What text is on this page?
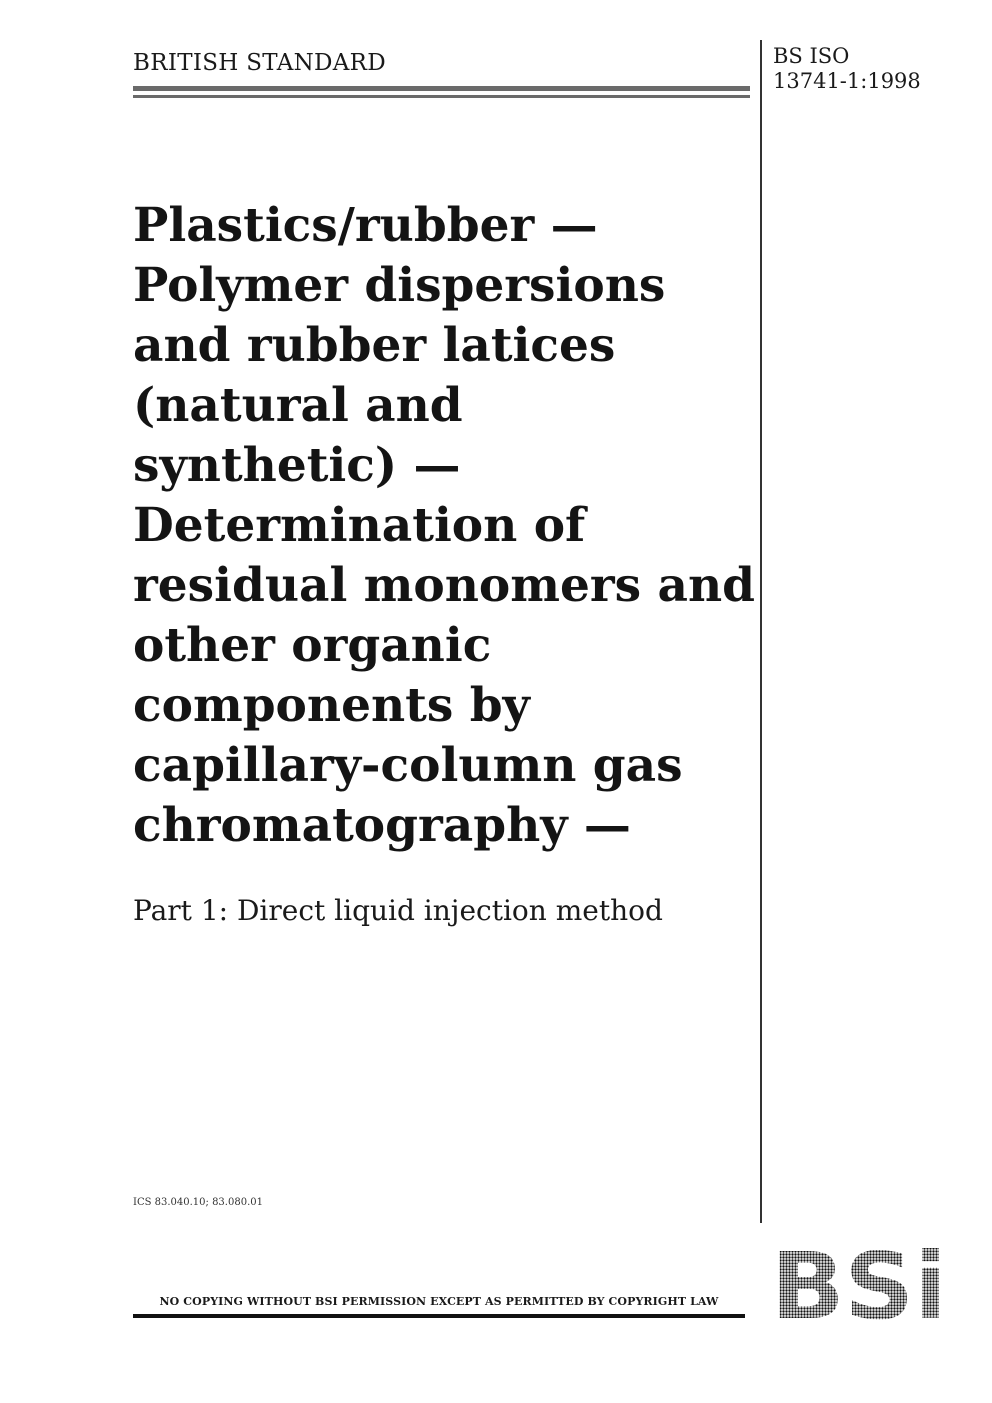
BRITISH STANDARD	BS ISO
13741-1:1998
Plastics/rubber —
Polymer dispersions
and rubber latices
(natural and
synthetic) —
Determination of
residual monomers and
other organic
components by
capillary-column gas
chromatography —
Part 1: Direct liquid injection method
ICS 83.040.10; 83.080.01
NO COPYING WITHOUT BSI PERMISSION EXCEPT AS PERMITTED BY COPYRIGHT LAW BSi
